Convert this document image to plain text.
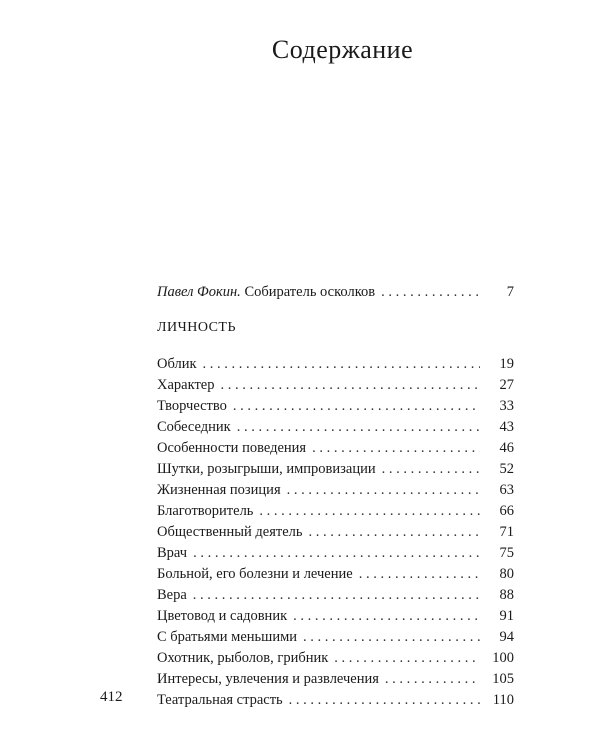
Содержание
Павел Фокин. Собиратель осколков . . .	7
ЛИЧНОСТЬ
Облик . . .	19
Характер . . .	27
Творчество . . .	33
Собеседник . . .	43
Особенности поведения . . .	46
Шутки, розыгрыши, импровизации . . .	52
Жизненная позиция . . .	63
Благотворитель . . .	66
Общественный деятель . . .	71
Врач . . .	75
Больной, его болезни и лечение . . .	80
Вера . . .	88
Цветовод и садовник . . .	91
С братьями меньшими . . .	94
Охотник, рыболов, грибник . . .	100
Интересы, увлечения и развлечения . . .	105
Театральная страсть . . .	110
412
